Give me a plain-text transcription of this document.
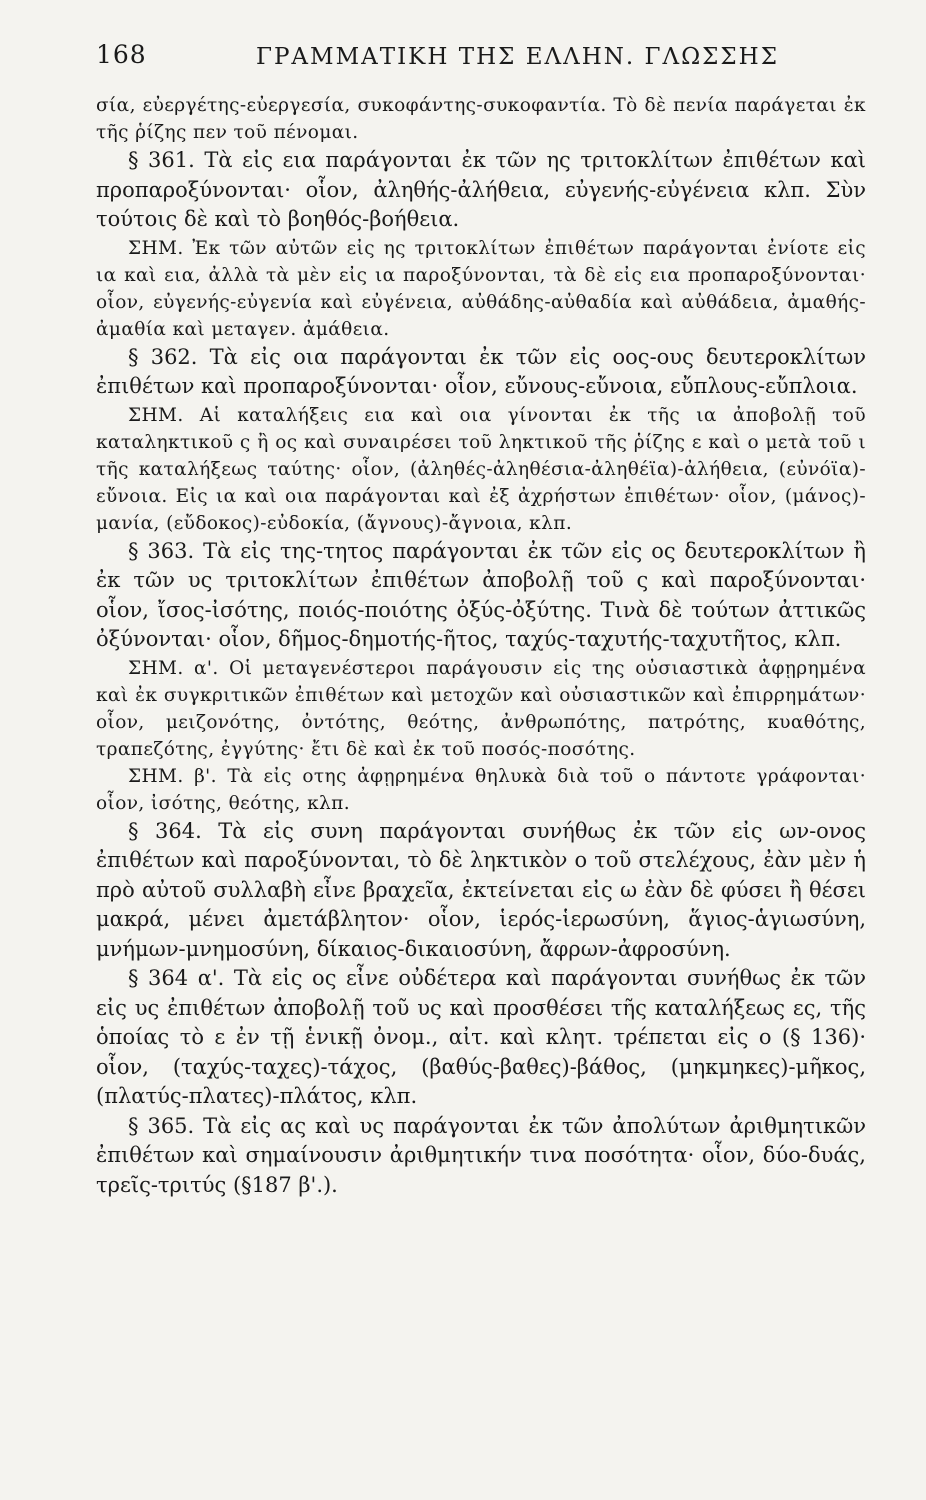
168	ΓΡΑΜΜΑΤΙΚΗ ΤΗΣ ΕΛΛΗΝ. ΓΛΩΣΣΗΣ

σία, εὐεργέτης-εὐεργεσία, συκοφάντης-συκοφαντία. Τὸ δὲ πενία παράγεται ἐκ τῆς ῥίζης πεν τοῦ πένομαι.

§ 361. Τὰ εἰς εια παράγονται ἐκ τῶν ης τριτοκλίτων ἐπιθέτων καὶ προπαροξύνονται· οἷον, ἀληθής-ἀλήθεια, εὐγενής-εὐγένεια κλπ. Σὺν τούτοις δὲ καὶ τὸ βοηθός-βοήθεια.

ΣΗΜ. Ἐκ τῶν αὐτῶν εἰς ης τριτοκλίτων ἐπιθέτων παράγονται ἐνίοτε εἰς ια καὶ εια, ἀλλὰ τὰ μὲν εἰς ια παροξύνονται, τὰ δὲ εἰς εια προπαροξύνονται· οἷον, εὐγενής-εὐγενία καὶ εὐγένεια, αὐθάδης-αὐθαδία καὶ αὐθάδεια, ἀμαθής-ἀμαθία καὶ μεταγεν. ἀμάθεια.

§ 362. Τὰ εἰς οια παράγονται ἐκ τῶν εἰς οος-ους δευτεροκλίτων ἐπιθέτων καὶ προπαροξύνονται· οἷον, εὔνους-εὔνοια, εὔπλους-εὔπλοια.

ΣΗΜ. Αἱ καταλήξεις εια καὶ οια γίνονται ἐκ τῆς ια ἀποβολῇ τοῦ καταληκτικοῦ ς ἢ ος καὶ συναιρέσει τοῦ ληκτικοῦ τῆς ῥίζης ε καὶ ο μετὰ τοῦ ι τῆς καταλήξεως ταύτης· οἷον, (ἀληθές-ἀληθέσια-ἀληθέϊα)-ἀλήθεια, (εὐνόϊα)-εὔνοια. Εἰς ια καὶ οια παράγονται καὶ ἐξ ἀχρήστων ἐπιθέτων· οἷον, (μάνος)-μανία, (εὔδοκος)-εὐδοκία, (ἄγνους)-ἄγνοια, κλπ.

§ 363. Τὰ εἰς της-τητος παράγονται ἐκ τῶν εἰς ος δευτεροκλίτων ἢ ἐκ τῶν υς τριτοκλίτων ἐπιθέτων ἀποβολῇ τοῦ ς καὶ παροξύνονται· οἷον, ἴσος-ἰσότης, ποιός-ποιότης ὀξύς-ὀξύτης. Τινὰ δὲ τούτων ἀττικῶς ὀξύνονται· οἷον, δῆμος-δημοτής-ῆτος, ταχύς-ταχυτής-ταχυτῆτος, κλπ.

ΣΗΜ. α'. Οἱ μεταγενέστεροι παράγουσιν εἰς της οὐσιαστικὰ ἀφῃρημένα καὶ ἐκ συγκριτικῶν ἐπιθέτων καὶ μετοχῶν καὶ οὐσιαστικῶν καὶ ἐπιρρημάτων· οἷον, μειζονότης, ὀντότης, θεότης, ἀνθρωπότης, πατρότης, κυαθότης, τραπεζότης, ἐγγύτης· ἔτι δὲ καὶ ἐκ τοῦ ποσός-ποσότης.

ΣΗΜ. β'. Τὰ εἰς οτης ἀφῃρημένα θηλυκὰ διὰ τοῦ ο πάντοτε γράφονται· οἷον, ἰσότης, θεότης, κλπ.

§ 364. Τὰ εἰς συνη παράγονται συνήθως ἐκ τῶν εἰς ων-ονος ἐπιθέτων καὶ παροξύνονται, τὸ δὲ ληκτικὸν ο τοῦ στελέχους, ἐὰν μὲν ἡ πρὸ αὐτοῦ συλλαβὴ εἶνε βραχεῖα, ἐκτείνεται εἰς ω ἐὰν δὲ φύσει ἢ θέσει μακρά, μένει ἀμετάβλητον· οἷον, ἱερός-ἱερωσύνη, ἅγιος-ἁγιωσύνη, μνήμων-μνημοσύνη, δίκαιος-δικαιοσύνη, ἄφρων-ἀφροσύνη.

§ 364 α'. Τὰ εἰς ος εἶνε οὐδέτερα καὶ παράγονται συνήθως ἐκ τῶν εἰς υς ἐπιθέτων ἀποβολῇ τοῦ υς καὶ προσθέσει τῆς καταλήξεως ες, τῆς ὁποίας τὸ ε ἐν τῇ ἑνικῇ ὀνομ., αἰτ. καὶ κλητ. τρέπεται εἰς ο (§ 136)· οἷον, (ταχύς-ταχες)-τάχος, (βαθύς-βαθες)-βάθος, (μηκμηκες)-μῆκος, (πλατύς-πλατες)-πλάτος, κλπ.

§ 365. Τὰ εἰς ας καὶ υς παράγονται ἐκ τῶν ἀπολύτων ἀριθμητικῶν ἐπιθέτων καὶ σημαίνουσιν ἀριθμητικήν τινα ποσότητα· οἷον, δύο-δυάς, τρεῖς-τριτύς (§187 β'.).
